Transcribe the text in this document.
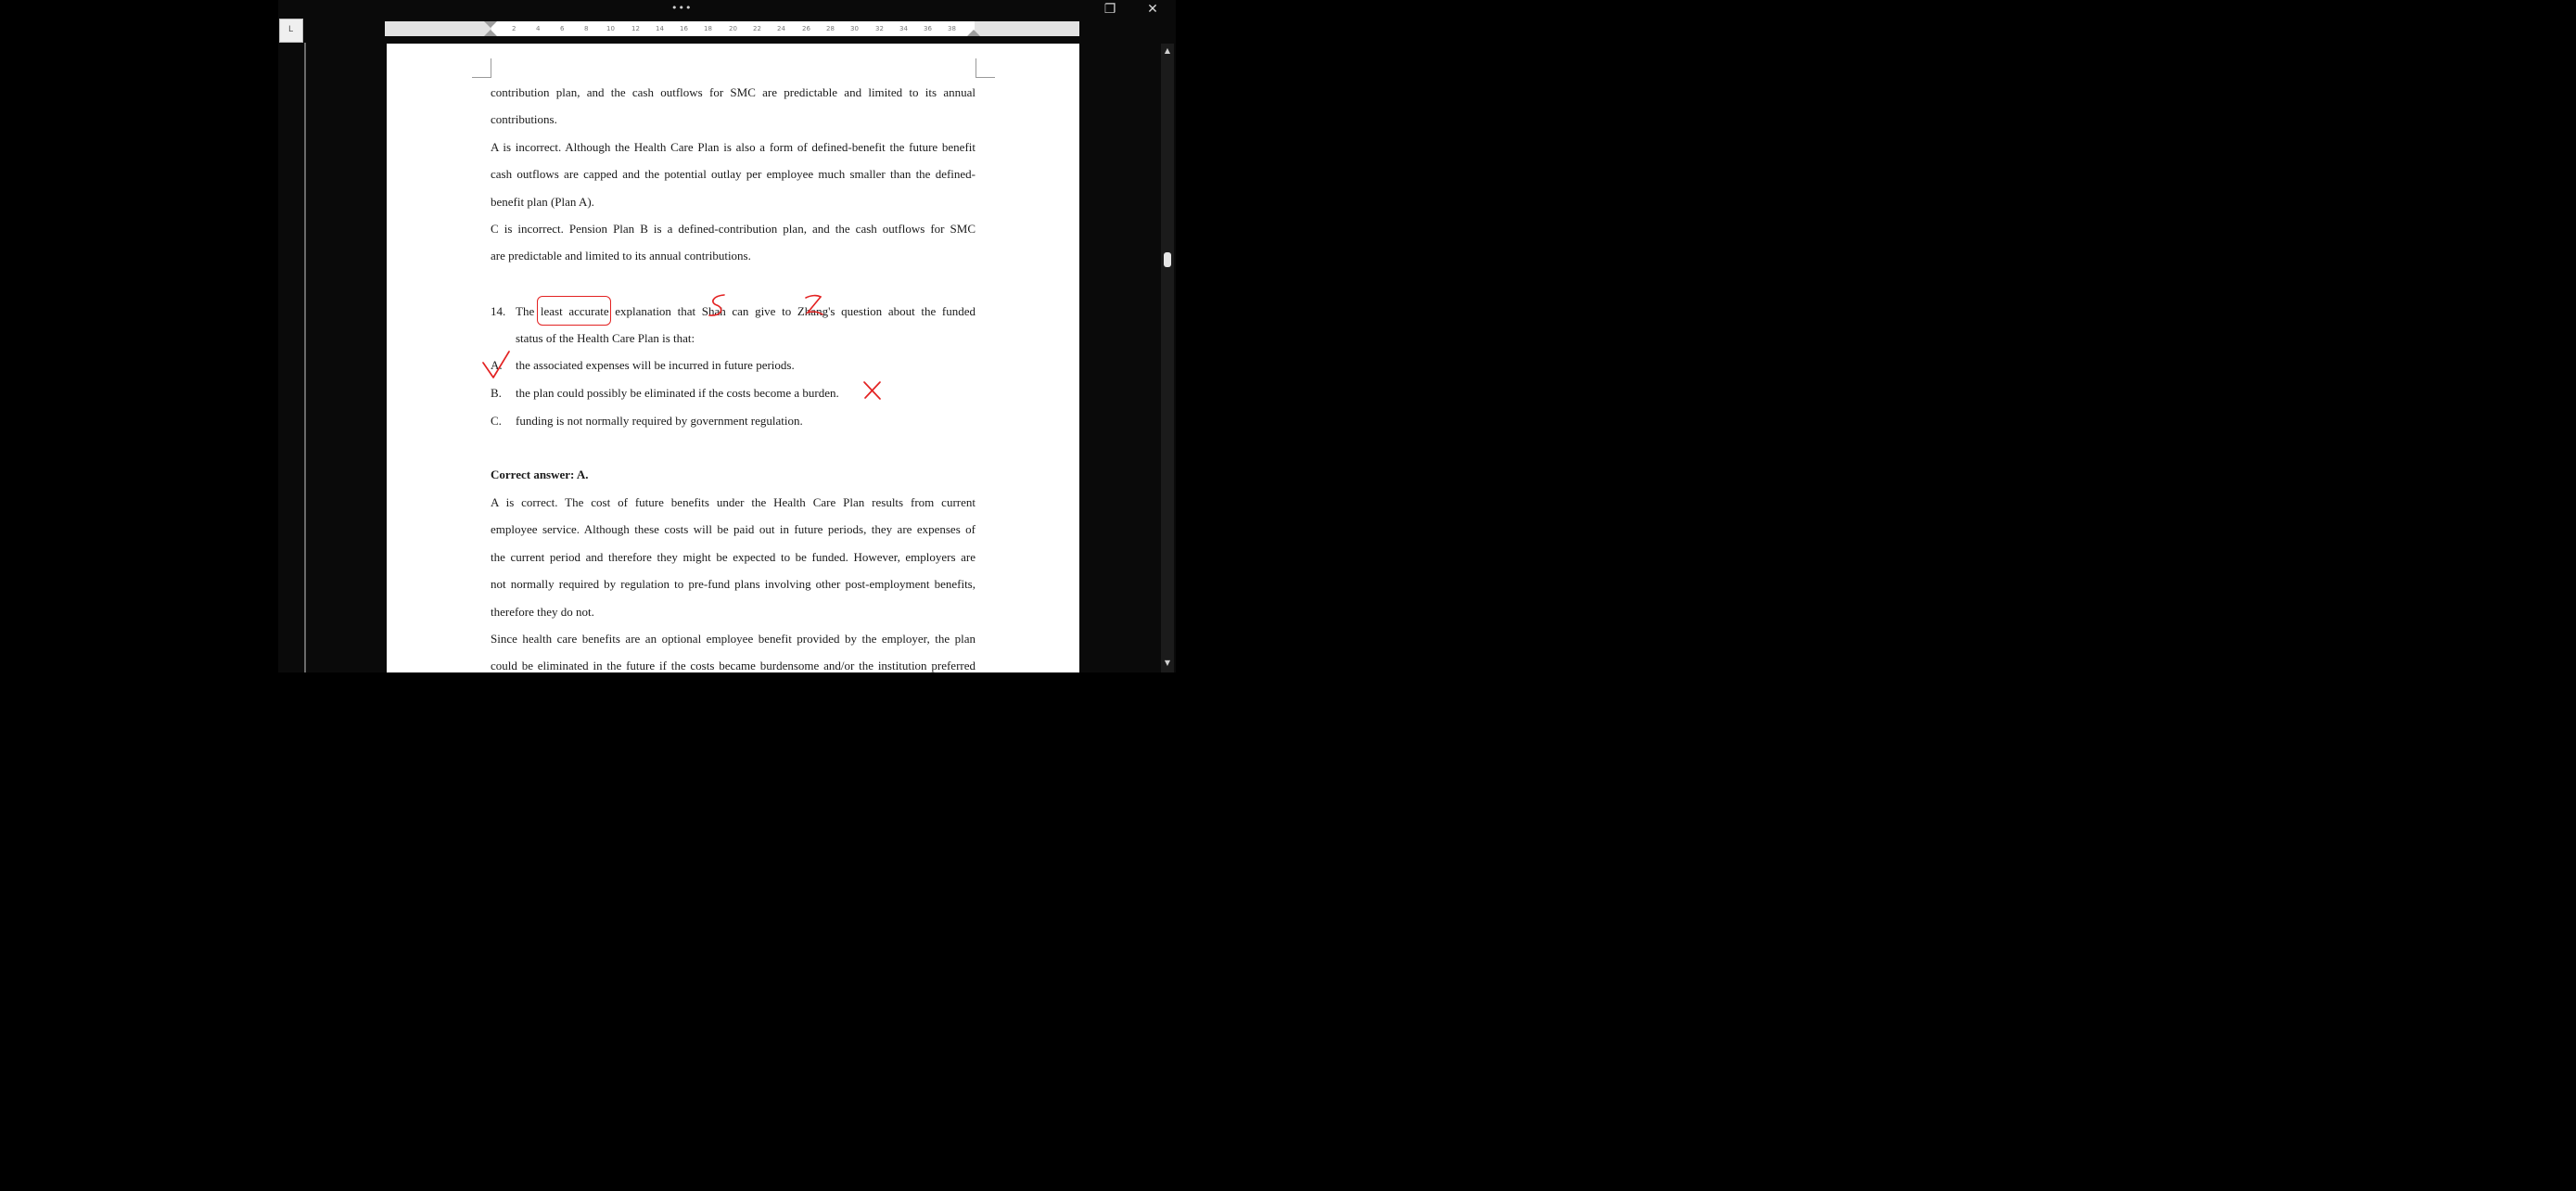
•••	❐	✕
L	2	4	6	8	10	12 14 16 18	20 22 24	26 28 30	32 34 36 38
contribution plan, and the cash outflows for SMC are predictable and limited to its annual
contributions.
A is incorrect. Although the Health Care Plan is also a form of defined-benefit the future benefit
cash outflows are capped and the potential outlay per employee much smaller than the defined-
benefit plan (Plan A).
C is incorrect. Pension Plan B is a defined-contribution plan, and the cash outflows for SMC
are predictable and limited to its annual contributions.
14. The least accurate explanation that Shah can give to Zhang's question about the funded
status of the Health Care Plan is that:
A. the associated expenses will be incurred in future periods.
B. the plan could possibly be eliminated if the costs become a burden.
C. funding is not normally required by government regulation.
Correct answer: A.
A is correct. The cost of future benefits under the Health Care Plan results from current
employee service. Although these costs will be paid out in future periods, they are expenses of
the current period and therefore they might be expected to be funded. However, employers are
not normally required by regulation to pre-fund plans involving other post-employment benefits,
therefore they do not.
Since health care benefits are an optional employee benefit provided by the employer, the plan
could be eliminated in the future if the costs became burdensome and/or the institution preferred
▲
▼
